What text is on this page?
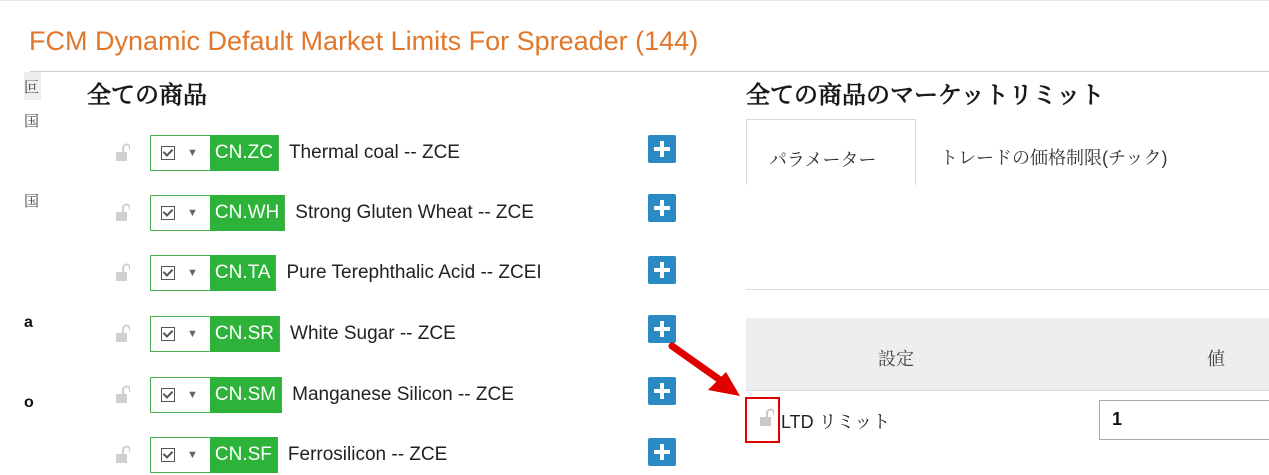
FCM Dynamic Default Market Limits For Spreader (144)
叵
国
国
a
o
全ての商品
▼ CN.ZC Thermal coal -- ZCE
▼ CN.WH Strong Gluten Wheat -- ZCE
▼ CN.TA Pure Terephthalic Acid -- ZCEI
▼ CN.SR White Sugar -- ZCE
▼ CN.SM Manganese Silicon -- ZCE
▼ CN.SF Ferrosilicon -- ZCE
全ての商品のマーケットリミット
パラメーター	トレードの価格制限(チック)
設定	値
LTD リミット	1
